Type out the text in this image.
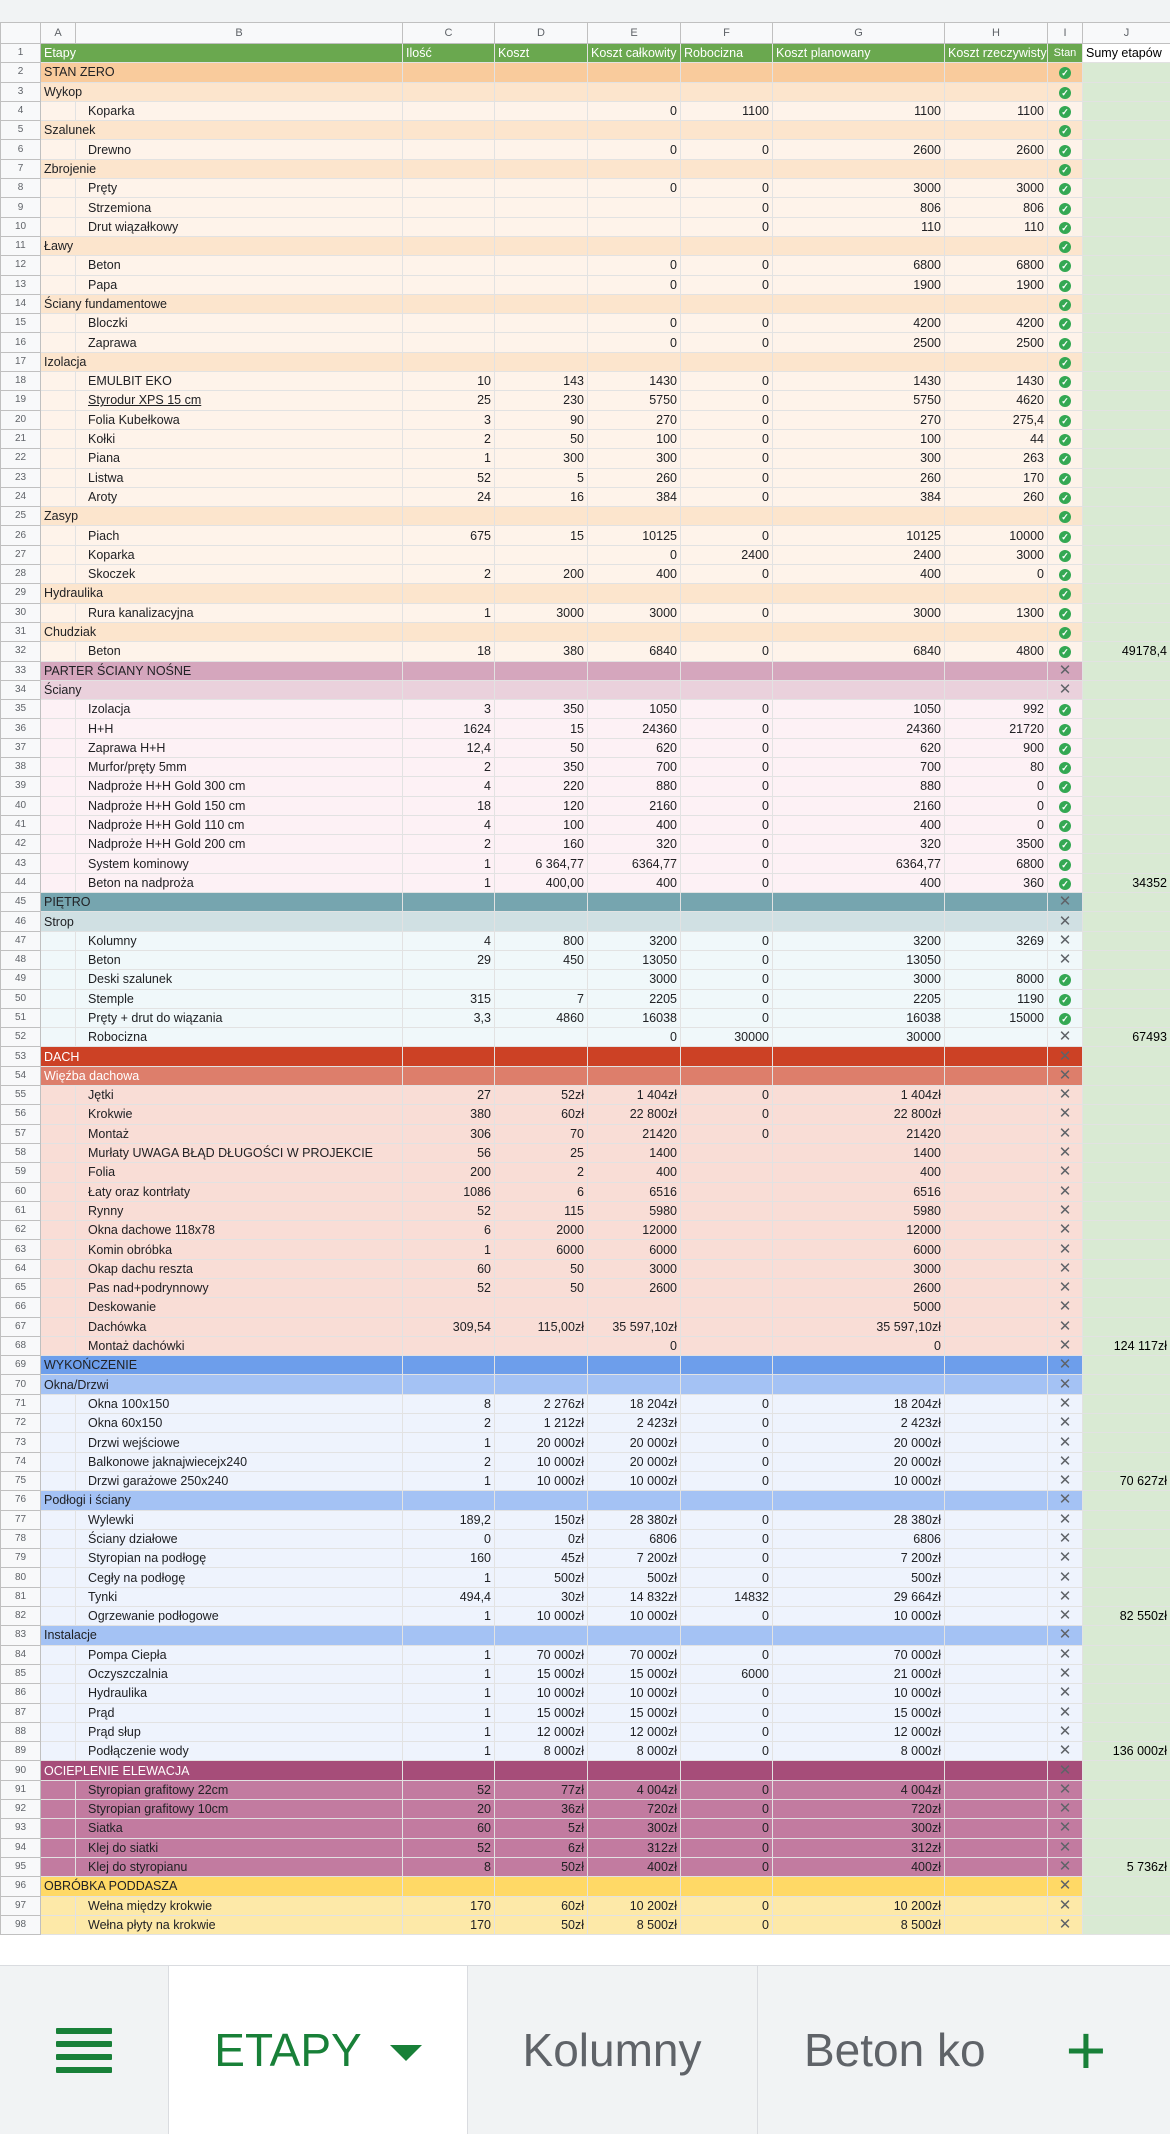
	A	B	C	D	E	F	G	H	I	J
1	Etapy		Ilość	Koszt	Koszt całkowity	Robocizna	Koszt planowany	Koszt rzeczywisty	Stan	Sumy etapów
2	STAN ZERO								✓	
3	Wykop								✓	
4		Koparka			0	1100	1100	1100	✓	
5	Szalunek								✓	
6		Drewno			0	0	2600	2600	✓	
7	Zbrojenie								✓	
8		Pręty			0	0	3000	3000	✓	
9		Strzemiona				0	806	806	✓	
10		Drut wiązałkowy				0	110	110	✓	
11	Ławy								✓	
12		Beton			0	0	6800	6800	✓	
13		Papa			0	0	1900	1900	✓	
14	Ściany fundamentowe								✓	
15		Bloczki			0	0	4200	4200	✓	
16		Zaprawa			0	0	2500	2500	✓	
17	Izolacja								✓	
18		EMULBIT EKO	10	143	1430	0	1430	1430	✓	
19		Styrodur XPS 15 cm	25	230	5750	0	5750	4620	✓	
20		Folia Kubełkowa	3	90	270	0	270	275,4	✓	
21		Kołki	2	50	100	0	100	44	✓	
22		Piana	1	300	300	0	300	263	✓	
23		Listwa	52	5	260	0	260	170	✓	
24		Aroty	24	16	384	0	384	260	✓	
25	Zasyp								✓	
26		Piach	675	15	10125	0	10125	10000	✓	
27		Koparka			0	2400	2400	3000	✓	
28		Skoczek	2	200	400	0	400	0	✓	
29	Hydraulika								✓	
30		Rura kanalizacyjna	1	3000	3000	0	3000	1300	✓	
31	Chudziak								✓	
32		Beton	18	380	6840	0	6840	4800	✓	49178,4
33	PARTER ŚCIANY NOŚNE								✕	
34	Ściany								✕	
35		Izolacja	3	350	1050	0	1050	992	✓	
36		H+H	1624	15	24360	0	24360	21720	✓	
37		Zaprawa H+H	12,4	50	620	0	620	900	✓	
38		Murfor/pręty 5mm	2	350	700	0	700	80	✓	
39		Nadproże H+H Gold 300 cm	4	220	880	0	880	0	✓	
40		Nadproże H+H Gold 150 cm	18	120	2160	0	2160	0	✓	
41		Nadproże H+H Gold 110 cm	4	100	400	0	400	0	✓	
42		Nadproże H+H Gold 200 cm	2	160	320	0	320	3500	✓	
43		System kominowy	1	6 364,77	6364,77	0	6364,77	6800	✓	
44		Beton na nadproża	1	400,00	400	0	400	360	✓	34352
45	PIĘTRO								✕	
46	Strop								✕	
47		Kolumny	4	800	3200	0	3200	3269	✕	
48		Beton	29	450	13050	0	13050		✕	
49		Deski szalunek			3000	0	3000	8000	✓	
50		Stemple	315	7	2205	0	2205	1190	✓	
51		Pręty + drut do wiązania	3,3	4860	16038	0	16038	15000	✓	
52		Robocizna			0	30000	30000		✕	67493
53	DACH								✕	
54	Więźba dachowa								✕	
55		Jętki	27	52zł	1 404zł	0	1 404zł		✕	
56		Krokwie	380	60zł	22 800zł	0	22 800zł		✕	
57		Montaż	306	70	21420	0	21420		✕	
58		Murłaty UWAGA BŁĄD DŁUGOŚCI W PROJEKCIE	56	25	1400		1400		✕	
59		Folia	200	2	400		400		✕	
60		Łaty oraz kontrłaty	1086	6	6516		6516		✕	
61		Rynny	52	115	5980		5980		✕	
62		Okna dachowe 118x78	6	2000	12000		12000		✕	
63		Komin obróbka	1	6000	6000		6000		✕	
64		Okap dachu reszta	60	50	3000		3000		✕	
65		Pas nad+podrynnowy	52	50	2600		2600		✕	
66		Deskowanie					5000		✕	
67		Dachówka	309,54	115,00zł	35 597,10zł		35 597,10zł		✕	
68		Montaż dachówki			0		0		✕	124 117zł
69	WYKOŃCZENIE								✕	
70	Okna/Drzwi								✕	
71		Okna 100x150	8	2 276zł	18 204zł	0	18 204zł		✕	
72		Okna 60x150	2	1 212zł	2 423zł	0	2 423zł		✕	
73		Drzwi wejściowe	1	20 000zł	20 000zł	0	20 000zł		✕	
74		Balkonowe jaknajwiecejx240	2	10 000zł	20 000zł	0	20 000zł		✕	
75		Drzwi garażowe 250x240	1	10 000zł	10 000zł	0	10 000zł		✕	70 627zł
76	Podłogi i ściany								✕	
77		Wylewki	189,2	150zł	28 380zł	0	28 380zł		✕	
78		Ściany działowe	0	0zł	6806	0	6806		✕	
79		Styropian na podłogę	160	45zł	7 200zł	0	7 200zł		✕	
80		Cegły na podłogę	1	500zł	500zł	0	500zł		✕	
81		Tynki	494,4	30zł	14 832zł	14832	29 664zł		✕	
82		Ogrzewanie podłogowe	1	10 000zł	10 000zł	0	10 000zł		✕	82 550zł
83	Instalacje								✕	
84		Pompa Ciepła	1	70 000zł	70 000zł	0	70 000zł		✕	
85		Oczyszczalnia	1	15 000zł	15 000zł	6000	21 000zł		✕	
86		Hydraulika	1	10 000zł	10 000zł	0	10 000zł		✕	
87		Prąd	1	15 000zł	15 000zł	0	15 000zł		✕	
88		Prąd słup	1	12 000zł	12 000zł	0	12 000zł		✕	
89		Podłączenie wody	1	8 000zł	8 000zł	0	8 000zł		✕	136 000zł
90	OCIEPLENIE ELEWACJA								✕	
91		Styropian grafitowy 22cm	52	77zł	4 004zł	0	4 004zł		✕	
92		Styropian grafitowy 10cm	20	36zł	720zł	0	720zł		✕	
93		Siatka	60	5zł	300zł	0	300zł		✕	
94		Klej do siatki	52	6zł	312zł	0	312zł		✕	
95		Klej do styropianu	8	50zł	400zł	0	400zł		✕	5 736zł
96	OBRÓBKA PODDASZA								✕	
97		Wełna między krokwie	170	60zł	10 200zł	0	10 200zł		✕	
98		Wełna płyty na krokwie	170	50zł	8 500zł	0	8 500zł		✕	
ETAPY	Kolumny Beton ko +
